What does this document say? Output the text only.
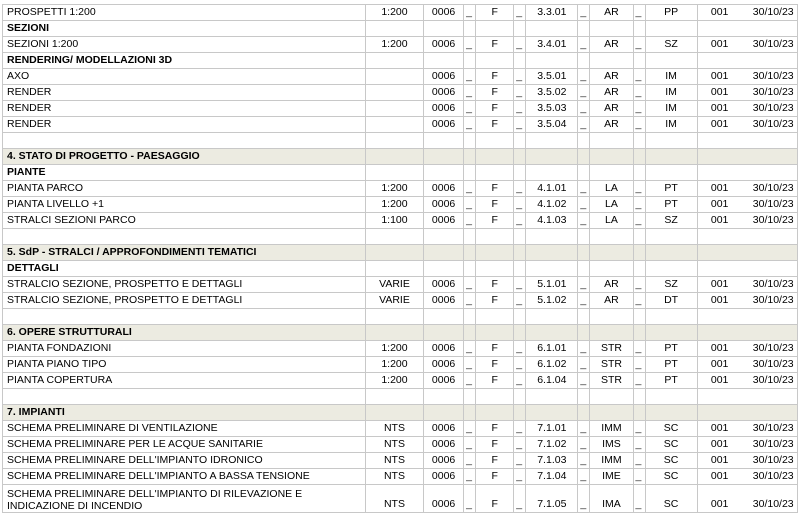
PROSPETTI 1:200	1:200	0006	_	F	_	3.3.01	_	AR	_	PP	001 30/10/23
SEZIONI											
SEZIONI 1:200	1:200	0006	_	F	_	3.4.01	_	AR	_	SZ	001 30/10/23
RENDERING/ MODELLAZIONI 3D											
AXO		0006	_	F	_	3.5.01	_	AR	_	IM	001 30/10/23
RENDER		0006	_	F	_	3.5.02	_	AR	_	IM	001 30/10/23
RENDER		0006	_	F	_	3.5.03	_	AR	_	IM	001 30/10/23
RENDER		0006	_	F	_	3.5.04	_	AR	_	IM	001 30/10/23

4. STATO DI PROGETTO - PAESAGGIO											
PIANTE											
PIANTA PARCO	1:200	0006	_	F	_	4.1.01	_	LA	_	PT	001 30/10/23
PIANTA LIVELLO +1	1:200	0006	_	F	_	4.1.02	_	LA	_	PT	001 30/10/23
STRALCI SEZIONI PARCO	1:100	0006	_	F	_	4.1.03	_	LA	_	SZ	001 30/10/23

5. SdP - STRALCI / APPROFONDIMENTI TEMATICI											
DETTAGLI											
STRALCIO SEZIONE, PROSPETTO E DETTAGLI	VARIE	0006	_	F	_	5.1.01	_	AR	_	SZ	001 30/10/23
STRALCIO SEZIONE, PROSPETTO E DETTAGLI	VARIE	0006	_	F	_	5.1.02	_	AR	_	DT	001 30/10/23

6. OPERE STRUTTURALI											
PIANTA FONDAZIONI	1:200	0006	_	F	_	6.1.01	_	STR	_	PT	001 30/10/23
PIANTA PIANO TIPO	1:200	0006	_	F	_	6.1.02	_	STR	_	PT	001 30/10/23
PIANTA COPERTURA	1:200	0006	_	F	_	6.1.04	_	STR	_	PT	001 30/10/23

7. IMPIANTI											
SCHEMA PRELIMINARE DI VENTILAZIONE	NTS	0006	_	F	_	7.1.01	_	IMM	_	SC	001 30/10/23
SCHEMA PRELIMINARE PER LE ACQUE SANITARIE	NTS	0006	_	F	_	7.1.02	_	IMS	_	SC	001 30/10/23
SCHEMA PRELIMINARE DELL'IMPIANTO IDRONICO	NTS	0006	_	F	_	7.1.03	_	IMM	_	SC	001 30/10/23
SCHEMA PRELIMINARE DELL'IMPIANTO A BASSA TENSIONE	NTS	0006	_	F	_	7.1.04	_	IME	_	SC	001 30/10/23
SCHEMA PRELIMINARE DELL'IMPIANTO DI RILEVAZIONE E INDICAZIONE DI INCENDIO	NTS	0006	_	F	_	7.1.05	_	IMA	_	SC	001 30/10/23
